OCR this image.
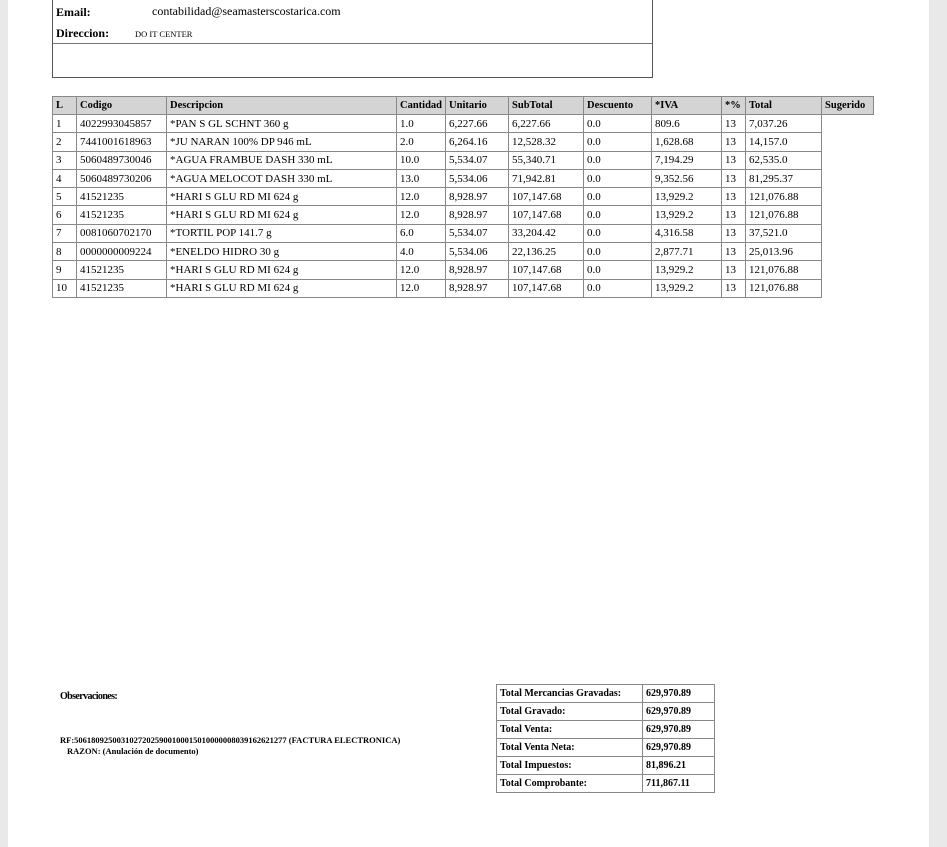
Email:	contabilidad@seamasterscostarica.com
Direccion:	DO IT CENTER
L	Codigo	Descripcion	Cantidad	Unitario	SubTotal	Descuento	*IVA	*%	Total	Sugerido
1	4022993045857	*PAN S GL SCHNT 360 g	1.0	6,227.66	6,227.66	0.0	809.6	13	7,037.26	
2	7441001618963	*JU NARAN 100% DP 946 mL	2.0	6,264.16	12,528.32	0.0	1,628.68	13	14,157.0	
3	5060489730046	*AGUA FRAMBUE DASH 330 mL	10.0	5,534.07	55,340.71	0.0	7,194.29	13	62,535.0	
4	5060489730206	*AGUA MELOCOT DASH 330 mL	13.0	5,534.06	71,942.81	0.0	9,352.56	13	81,295.37	
5	41521235	*HARI S GLU RD MI 624 g	12.0	8,928.97	107,147.68	0.0	13,929.2	13	121,076.88	
6	41521235	*HARI S GLU RD MI 624 g	12.0	8,928.97	107,147.68	0.0	13,929.2	13	121,076.88	
7	0081060702170	*TORTIL POP 141.7 g	6.0	5,534.07	33,204.42	0.0	4,316.58	13	37,521.0	
8	0000000009224	*ENELDO HIDRO 30 g	4.0	5,534.06	22,136.25	0.0	2,877.71	13	25,013.96	
9	41521235	*HARI S GLU RD MI 624 g	12.0	8,928.97	107,147.68	0.0	13,929.2	13	121,076.88	
10	41521235	*HARI S GLU RD MI 624 g	12.0	8,928.97	107,147.68	0.0	13,929.2	13	121,076.88	
Observaciones:
RF:50618092500310272025900100015010000008039162621277 (FACTURA ELECTRONICA)
RAZON: (Anulación de documento)
Total Mercancias Gravadas:	629,970.89
Total Gravado:	629,970.89
Total Venta:	629,970.89
Total Venta Neta:	629,970.89
Total Impuestos:	81,896.21
Total Comprobante:	711,867.11
